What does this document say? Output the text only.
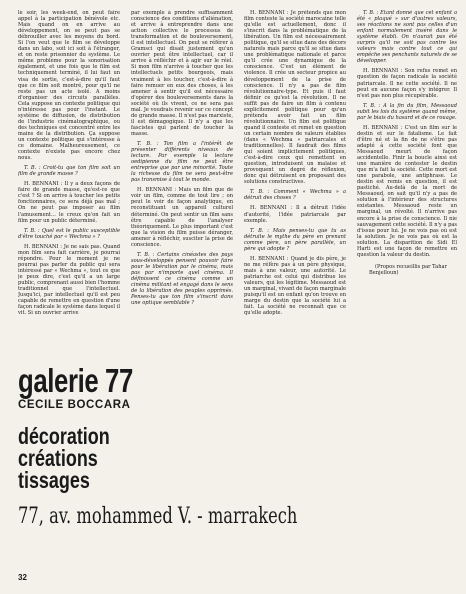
le soir, les week-end, on peut faire appel à la participation bénévole etc. Mais quand on en arrive au développement, on se peut pas se débrouiller avec les moyens du bord. Si l'on veut que le film se développe dans un labo, soit ici soit à l'étranger, et on reste prisonnier du système. Le même problème pour la sonorisation également, et une fois que le film est techniquement terminé, il lui faut un visa de sortie, c'est-à-dire qu'il faut que ce film soit montré, pour qu'il ne reste pas un acte isolé. A moins d'organiser des circuits parallèles. Cela suppose un contexte politique qui n'intéresse pas pour l'instant. Le système de diffusion, de distribution de l'industrie cinématographique, ou des techniques est concentré entre les mains de la distribution. Ça suppose un contexte politique qui s'intéresse à ce domaine. Malheureusement, ce contexte n'existe pas encore chez nous.

T. B. : Croit-tu que ton film soit un film de grande masse ?

H. BENNANI : Il y a deux façons de faire de grande masse, qu'est-ce que c'est ? Si on arrive à toucher les petits fonctionnaires, ce sera déjà pas mal ; On ne peut pas imposer au film l'amusement... le creux qu'on fait un film pour un public déterminé.

T. B. : Quel est le public susceptible d'être touché par « Wechma » ?

H. BENNANI : Je ne sais pas. Quand mon film sera fait carrière, je pourrai répondre. Pour le moment je ne pourrai pas parler du public qui sera intéressé par « Wechma », tout ce que je peux dire, c'est qu'il a un large public, comprenant aussi bien l'homme traditionnel que l'intellectuel. Jusqu'ici, par intellectuel qu'il est peu capable de remettre en question d'une façon radicale le système dans lequel il vit. Si un ouvrier arrive

par exemple à prendre suffisamment conscience des conditions d'aliénation, et arrive à entreprendre dans une action collective le processus de transformation et de bouleversement, il est intellectuel. On peut se référer à Gramsci qui disait justement qu'un ouvrier peut être intellectuel, car il arrive à réfléchir et à agir sur le réel. Si mon film n'arrive à toucher que les intellectuels petits bourgeois, mais vraiment à les toucher, c'est-à-dire à faire remuer en eux des choses, à les amener à sentir qu'il est nécessaire d'opérer des bouleversements dans la société où ils vivent, ce ne sera pas mal. Je voudrais revenir sur ce concept de grande masse. Il n'est pas marxiste, il est démagogique. Il n'y a que les fascistes qui parlent de toucher la masse.

T. B. : Ton film a l'intérêt de présenter différents niveaux de lecture. Par exemple la lecture oedipienne du film ne peut être entreprise que par une minorité. Toute la richesse du film ne sera peut-être pas transmise à tout le monde.

H. BENNANI : Mais un film que de voir un film, comme de tout lire ; on peut le voir de façon analytique, en reconstituant un appareil culturel déterminé. On peut sentir un film sans être capable de l'analyser théoriquement. Le plus important c'est que la vision du film puisse déranger, amener à réfléchir, susciter la prise de conscience.

T. B. : Certains cinéastes des pays sous-développés pensent pouvoir faire pour le libération par le cinéma, mais pas par n'importe quel cinéma. Il définissent ce cinéma comme un cinéma militant et engagé dans le sens de la libération des peuples opprimés. Penses-tu que ton film s'inscrit dans une optique semblable ?

H. BENNANI : Je prétends que mon film conteste la société marocaine telle qu'elle est actuellement, donc il s'inscrit dans la problématique de la libération. Un film est nécessairement politique, qu'il se situe dans des décors naturels mais parce qu'il se situe dans une problématique nationale et parce qu'il crée une dynamique de la conscience. C'est un élément de violence. Il crée un secteur propice au développement de la prise de conscience. Il n'y a pas de film révolutionnaire-type. Et puis il faut définir ce qu'est la révolution. Il ne suffit pas de faire un film à contenu explicitement politique pour qu'un prétendu avoir fait un film révolutionnaire. Un film est politique quand il conteste et remet en question un certain nombre de valeurs établies (dans « Wechma » patriarcales et traditionnelles). Il faudrait des films qui soient implicitement politiques, c'est-à-dire ceux qui remettent en question, introduisent un malaise et provoquent un degré de réflexion, donc qui détruisent en proposant des solutions constructives.

T. B. : Comment « Wechma » a détruit des choses ?

H. BENNANI : Il a détruit l'idée d'autorité, l'idée patriarcale par exemple.

T. B. : Mais penses-tu que tu as détruite le mythe du père en prenant comme père, un père parallèle, un père qui adopte ?

H. BENNANI : Quand je dis père, je ne me réfère pas à un père physique, mais à une valeur, une autorité. Le patriarche est celui qui distribue les valeurs, qui les légitime. Messaoud est un marginal, vivant de façon marginale puisqu'il est un enfant qu'on trouve en marge du destin que la société lui a fait. La société ne reconnaît que ce qu'elle adopte.

T. B. : Étant donné que cet enfant a été « plaqué » sur d'autres valeurs, ses réactions ne sont pas celles d'un enfant normalement inséré dans le système établi. On n'aurait pas été surpris qu'il ne soit pas contre les valeurs mais contre tout ce qui empêche ses penchants naturels de se développer.

H. BENNANI : Son refus remet en question de façon radicale la société patriarcale. Il ne cette société. Il ne peut en aucune façon s'y intégrer. Il n'est pas non plus récupérable.

T. B. : A la fin du film, Messaoud subit les lois du système quand même, par le biais du hasard et de ce rouage.

H. BENNANI : C'est un film sur le destin et sur le fatalisme. Le fait d'être né et la fin de ne s'être pas adapté à cette société font que Messaoud meurt de façon accidentelle. Finir la boucle ainsi est une manière de contester le destin que m'a fait la société. Cette mort est une parabole, une antiphrase. Le destin est remis en question, il est pastiché. Au-delà de la mort de Messaoud, on sait qu'il n'y a pas de solution à l'intérieur des structures existantes. Messaoud reste un marginal, un révolté. Il n'arrive pas encore à la prise de conscience. Il nie sauvagement cette société. Il n'y a pas d'issue pour lui. Je ne vois pas où est la solution. Je ne vois pas où est la solution. La disparition de Sidi El Harti est une façon de remettre en question la valeur du destin.

(Propos recueillis par Tahar Benjelloun)

galerie 77
CECILE BOCCARA
décoration
créations
tissages
77, av. mohammed V. - marrakech
32
